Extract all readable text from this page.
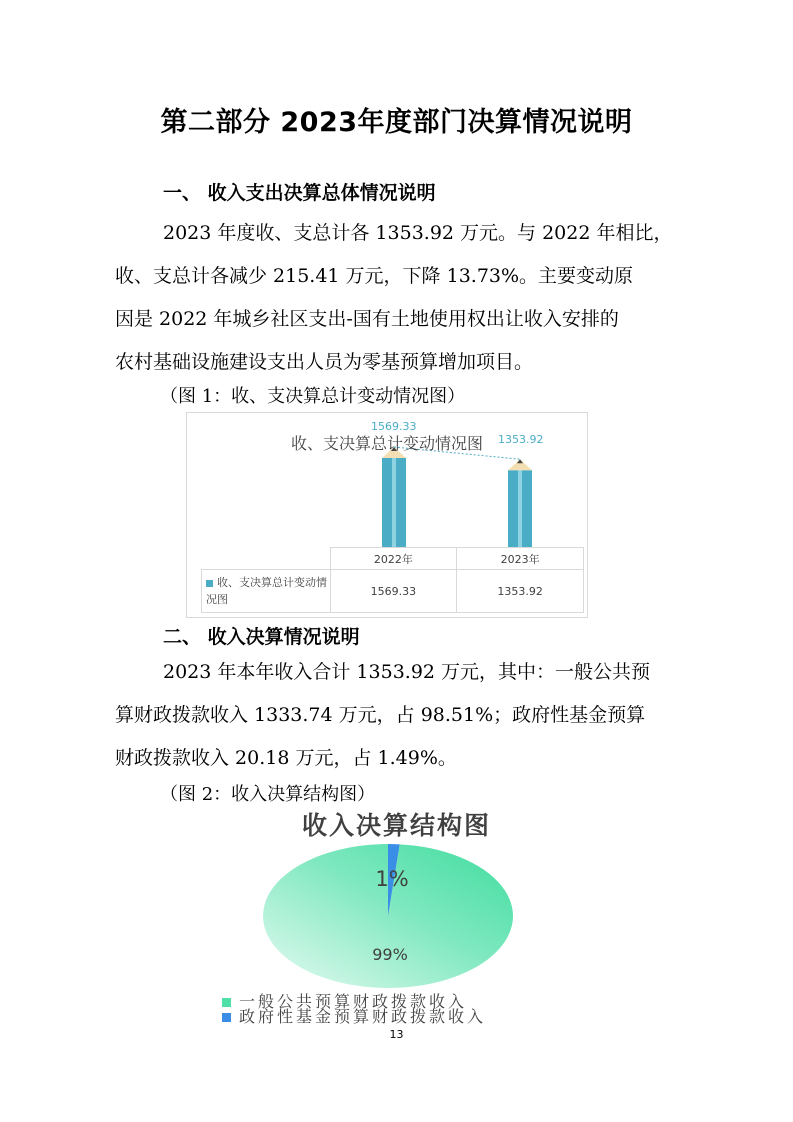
第二部分 2023年度部门决算情况说明
一、 收入支出决算总体情况说明

2023 年度收、支总计各 1353.92 万元。与 2022 年相比，

收、支总计各减少 215.41 万元，下降 13.73%。主要变动原

因是 2022 年城乡社区支出-国有土地使用权出让收入安排的

农村基础设施建设支出人员为零基预算增加项目。

（图 1：收、支决算总计变动情况图）
收、支决算总计变动情况图
1569.33
1353.92
	2022年	2023年
收、支决算总计变动情况图	1569.33	1353.92
二、 收入决算情况说明

2023 年本年收入合计 1353.92 万元，其中：一般公共预

算财政拨款收入 1333.74 万元，占 98.51%；政府性基金预算

财政拨款收入 20.18 万元，占 1.49%。

（图 2：收入决算结构图）
收入决算结构图
1%
99%
一般公共预算财政拨款收入
政府性基金预算财政拨款收入
13
